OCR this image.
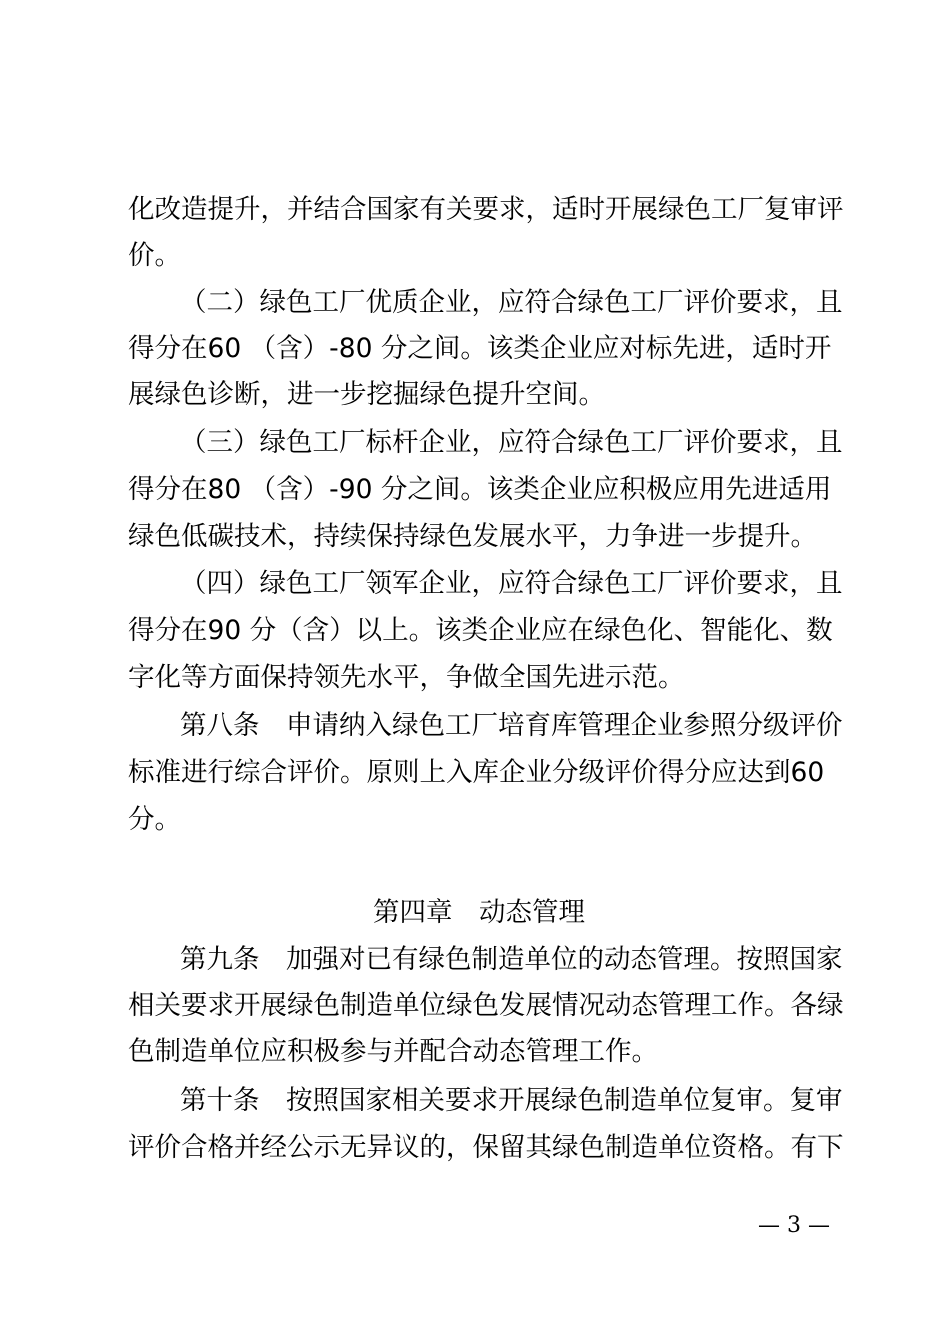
化改造提升，并结合国家有关要求，适时开展绿色工厂复审评
价。
（二）绿色工厂优质企业，应符合绿色工厂评价要求，且
得分在60 （含）-80 分之间。该类企业应对标先进，适时开
展绿色诊断，进一步挖掘绿色提升空间。
（三）绿色工厂标杆企业，应符合绿色工厂评价要求，且
得分在80 （含）-90 分之间。该类企业应积极应用先进适用
绿色低碳技术，持续保持绿色发展水平，力争进一步提升。
（四）绿色工厂领军企业，应符合绿色工厂评价要求，且
得分在90 分（含）以上。该类企业应在绿色化、智能化、数
字化等方面保持领先水平，争做全国先进示范。
第八条　申请纳入绿色工厂培育库管理企业参照分级评价
标准进行综合评价。原则上入库企业分级评价得分应达到60
分。
第四章　动态管理
第九条　加强对已有绿色制造单位的动态管理。按照国家
相关要求开展绿色制造单位绿色发展情况动态管理工作。各绿
色制造单位应积极参与并配合动态管理工作。
第十条　按照国家相关要求开展绿色制造单位复审。复审
评价合格并经公示无异议的，保留其绿色制造单位资格。有下
— 3 —
